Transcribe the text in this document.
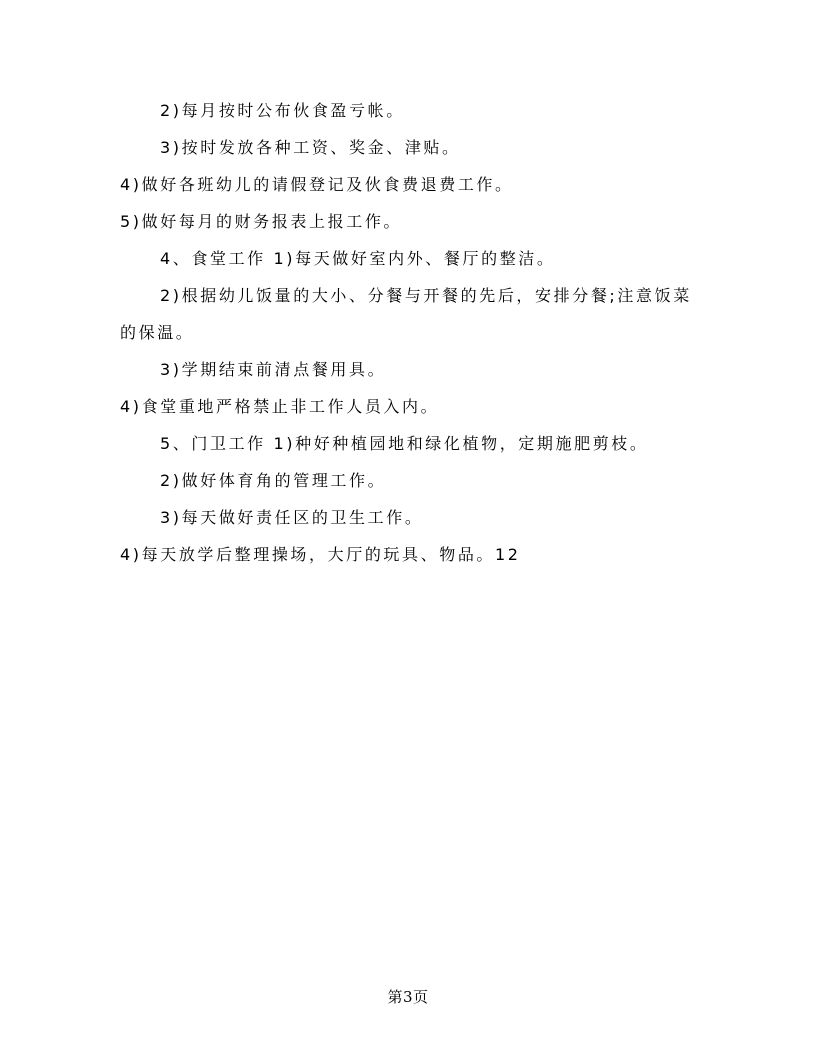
2)每月按时公布伙食盈亏帐。
3)按时发放各种工资、奖金、津贴。
4)做好各班幼儿的请假登记及伙食费退费工作。
5)做好每月的财务报表上报工作。
4、食堂工作 1)每天做好室内外、餐厅的整洁。
2)根据幼儿饭量的大小、分餐与开餐的先后，安排分餐;注意饭菜
的保温。
3)学期结束前清点餐用具。
4)食堂重地严格禁止非工作人员入内。
5、门卫工作 1)种好种植园地和绿化植物，定期施肥剪枝。
2)做好体育角的管理工作。
3)每天做好责任区的卫生工作。
4)每天放学后整理操场，大厅的玩具、物品。12
第3页
